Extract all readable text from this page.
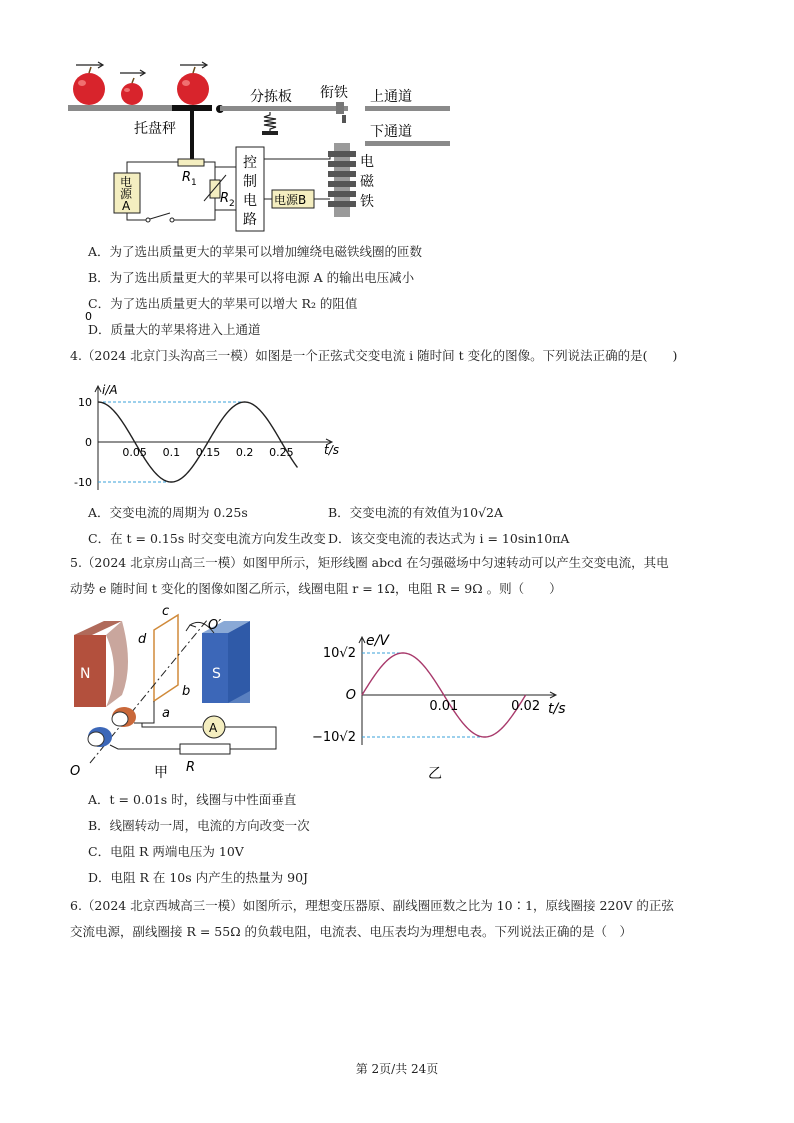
托盘秤
分拣板 衔铁 上通道
下通道
控
制
电
路
电
磁
铁
电
源
A	电源B
$R_1$
$R_2$
A．为了选出质量更大的苹果可以增加缠绕电磁铁线圈的匝数
B．为了选出质量更大的苹果可以将电源 A 的输出电压减小
C．为了选出质量更大的苹果可以增大 R₂ 的阻值
D．质量大的苹果将进入上通道
4.（2024 北京门头沟高三一模）如图是一个正弦式交变电流 i 随时间 t 变化的图像。下列说法正确的是(　　)
0.05 0.1 0.15 0.2 0.25
10
0
-10
0
i/A
t/s
A．交变电流的周期为 0.25s	B．交变电流的有效值为10√2A
C．在 t = 0.15s 时交变电流方向发生改变 D．该交变电流的表达式为 i = 10sin10πA
5.（2024 北京房山高三一模）如图甲所示，矩形线圈 abcd 在匀强磁场中匀速转动可以产生交变电流，其电
动势 e 随时间 t 变化的图像如图乙所示，线圈电阻 r = 1Ω，电阻 R = 9Ω 。则（　　）
N	S
c
d
b
a
O′
O
A
R
甲
0.01	0.02
10√2
−10√2
O
e/V
t/s
乙
A．t = 0.01s 时，线圈与中性面垂直
B．线圈转动一周，电流的方向改变一次
C．电阻 R 两端电压为 10V
D．电阻 R 在 10s 内产生的热量为 90J
6.（2024 北京西城高三一模）如图所示，理想变压器原、副线圈匝数之比为 10∶1，原线圈接 220V 的正弦
交流电源，副线圈接 R = 55Ω 的负载电阻，电流表、电压表均为理想电表。下列说法正确的是（　）
第 2页/共 24页
